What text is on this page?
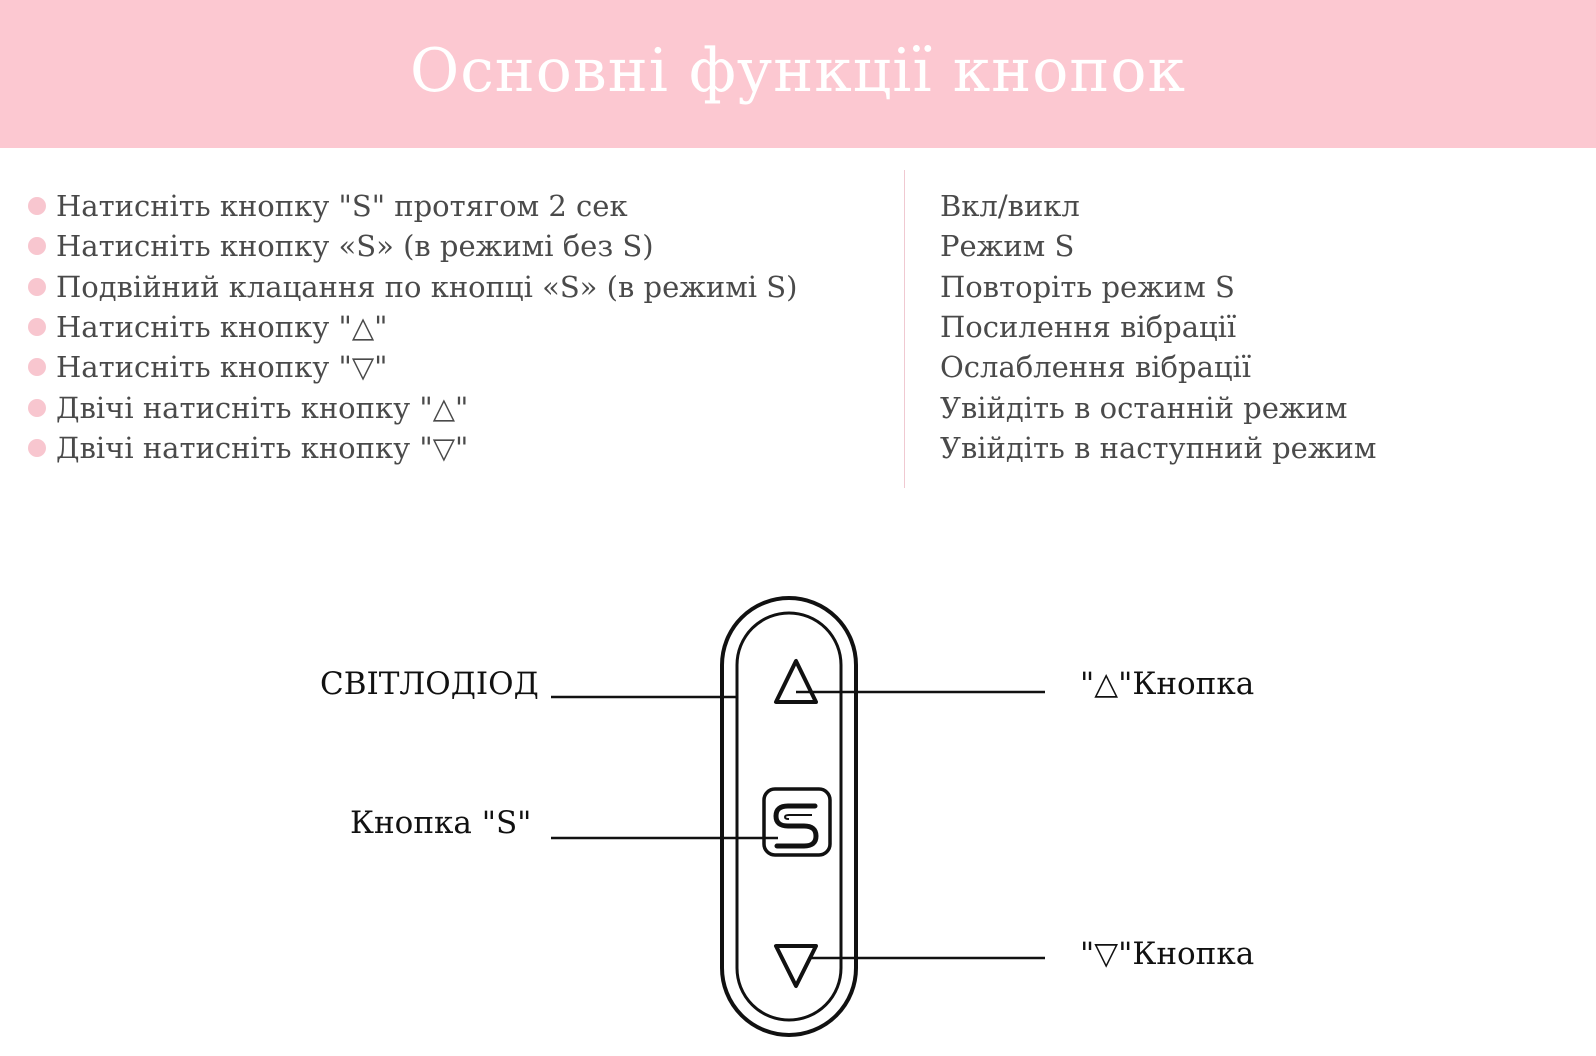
Основні функції кнопок
Натисніть кнопку "S" протягом 2 сек
Натисніть кнопку «S» (в режимі без S)
Подвійний клацання по кнопці «S» (в режимі S)
Натисніть кнопку "△"
Натисніть кнопку "▽"
Двічі натисніть кнопку "△"
Двічі натисніть кнопку "▽"
Вкл/викл
Режим S
Повторіть режим S
Посилення вібрації
Ослаблення вібрації
Увійдіть в останній режим
Увійдіть в наступний режим
СВІТЛОДІОД
Кнопка "S"
"△"Кнопка
"▽"Кнопка
